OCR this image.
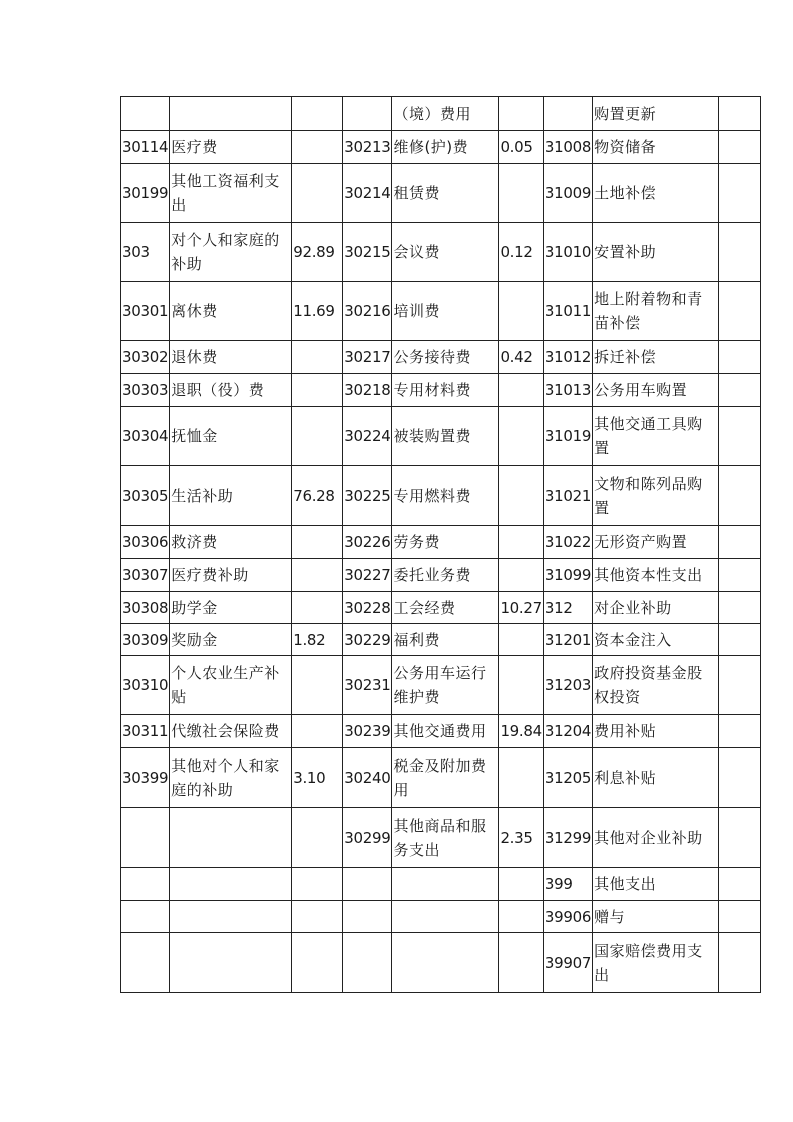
				（境）费用			购置更新	
30114	医疗费		30213	维修(护)费	0.05	31008	物资储备	
30199	其他工资福利支出		30214	租赁费		31009	土地补偿	
303	对个人和家庭的补助	92.89	30215	会议费	0.12	31010	安置补助	
30301	离休费	11.69	30216	培训费		31011	地上附着物和青苗补偿	
30302	退休费		30217	公务接待费	0.42	31012	拆迁补偿	
30303	退职（役）费		30218	专用材料费		31013	公务用车购置	
30304	抚恤金		30224	被装购置费		31019	其他交通工具购置	
30305	生活补助	76.28	30225	专用燃料费		31021	文物和陈列品购置	
30306	救济费		30226	劳务费		31022	无形资产购置	
30307	医疗费补助		30227	委托业务费		31099	其他资本性支出	
30308	助学金		30228	工会经费	10.27	312	对企业补助	
30309	奖励金	1.82	30229	福利费		31201	资本金注入	
30310	个人农业生产补贴		30231	公务用车运行维护费		31203	政府投资基金股权投资	
30311	代缴社会保险费		30239	其他交通费用	19.84	31204	费用补贴	
30399	其他对个人和家庭的补助	3.10	30240	税金及附加费用		31205	利息补贴	
			30299	其他商品和服务支出	2.35	31299	其他对企业补助	
						399	其他支出	
						39906	赠与	
						39907	国家赔偿费用支出	
